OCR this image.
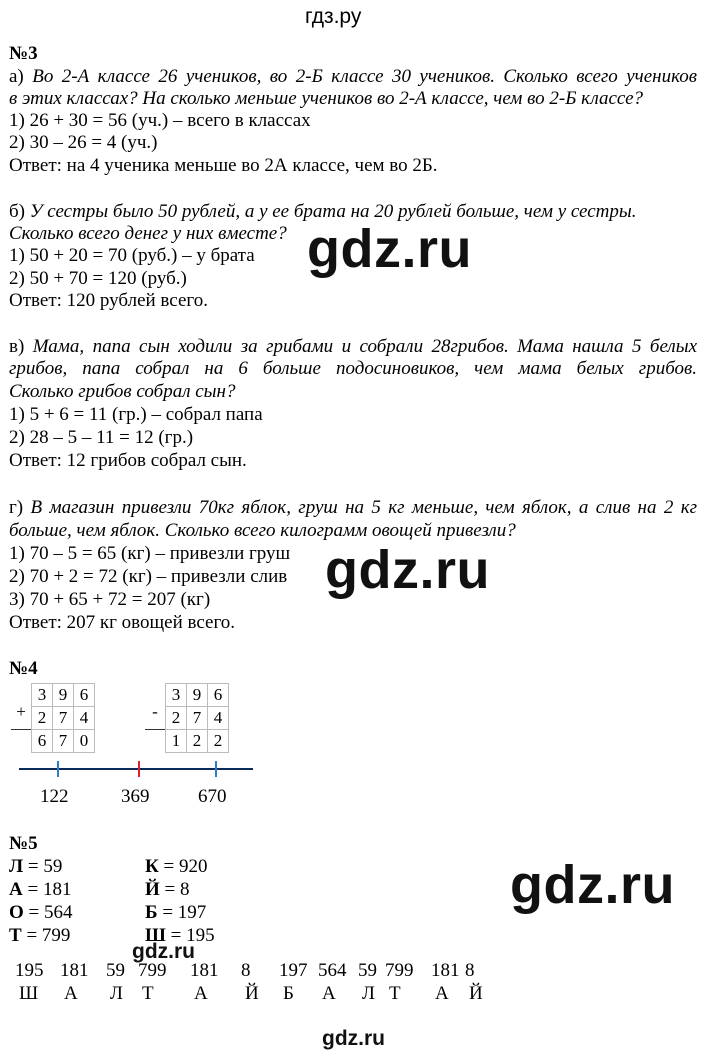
гдз.ру
№3
а) Во 2-А классе 26 учеников, во 2-Б классе 30 учеников. Сколько всего учеников
в этих классах? На сколько меньше учеников во 2-А классе, чем во 2-Б классе?
1) 26 + 30 = 56 (уч.) – всего в классах
2) 30 – 26 = 4 (уч.)
Ответ: на 4 ученика меньше во 2А классе, чем во 2Б.
б) У сестры было 50 рублей, а у ее брата на 20 рублей больше, чем у сестры.
Сколько всего денег у них вместе?
1) 50 + 20 = 70 (руб.) – у брата
2) 50 + 70 = 120 (руб.)
Ответ: 120 рублей всего.
в) Мама, папа сын ходили за грибами и собрали 28грибов. Мама нашла 5 белых
грибов, папа собрал на 6 больше подосиновиков, чем мама белых грибов.
Сколько грибов собрал сын?
1) 5 + 6 = 11 (гр.) – собрал папа
2) 28 – 5 – 11 = 12 (гр.)
Ответ: 12 грибов собрал сын.
г) В магазин привезли 70кг яблок, груш на 5 кг меньше, чем яблок, а слив на 2 кг
больше, чем яблок. Сколько всего килограмм овощей привезли?
1) 70 – 5 = 65 (кг) – привезли груш
2) 70 + 2 = 72 (кг) – привезли слив
3) 70 + 65 + 72 = 207 (кг)
Ответ: 207 кг овощей всего.
№4
	3	9	6
+	2	7	4
	6	7	0
	3	9	6
-	2	7	4
	1	2	2
122	369	670
№5
Л = 59
А = 181
О = 564
Т = 799
К = 920
Й = 8
Б = 197
Ш = 195
195 181 59 799 181 8
Ш А Л Т А Й
197 564 59 799 181 8
Б А Л Т А Й
gdz.ru
gdz.ru
gdz.ru
gdz.ru
gdz.ru
